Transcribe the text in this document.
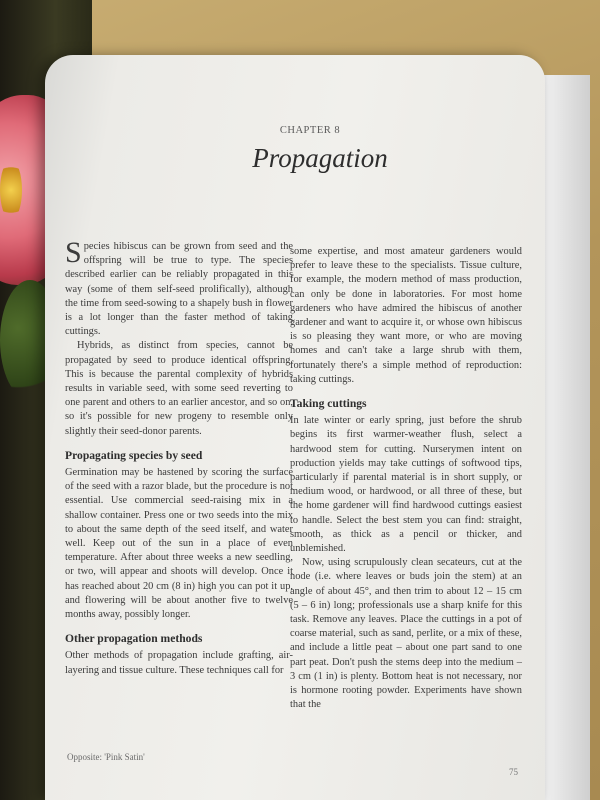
CHAPTER 8
Propagation

Species hibiscus can be grown from seed and the offspring will be true to type. The species described earlier can be reliably propagated in this way (some of them self-seed prolifically), although the time from seed-sowing to a shapely bush in flower is a lot longer than the faster method of taking cuttings.

Hybrids, as distinct from species, cannot be propagated by seed to produce identical offspring. This is because the parental complexity of hybrids results in variable seed, with some seed reverting to one parent and others to an earlier ancestor, and so on, so it's possible for new progeny to resemble only slightly their seed-donor parents.

Propagating species by seed

Germination may be hastened by scoring the surface of the seed with a razor blade, but the procedure is not essential. Use commercial seed-raising mix in a shallow container. Press one or two seeds into the mix to about the same depth of the seed itself, and water well. Keep out of the sun in a place of even temperature. After about three weeks a new seedling, or two, will appear and shoots will develop. Once it has reached about 20 cm (8 in) high you can pot it up, and flowering will be about another five to twelve months away, possibly longer.

Other propagation methods

Other methods of propagation include grafting, air-layering and tissue culture. These techniques call for

some expertise, and most amateur gardeners would prefer to leave these to the specialists. Tissue culture, for example, the modern method of mass production, can only be done in laboratories. For most home gardeners who have admired the hibiscus of another gardener and want to acquire it, or whose own hibiscus is so pleasing they want more, or who are moving homes and can't take a large shrub with them, fortunately there's a simple method of reproduction: taking cuttings.

Taking cuttings

In late winter or early spring, just before the shrub begins its first warmer-weather flush, select a hardwood stem for cutting. Nurserymen intent on production yields may take cuttings of softwood tips, particularly if parental material is in short supply, or medium wood, or hardwood, or all three of these, but the home gardener will find hardwood cuttings easiest to handle. Select the best stem you can find: straight, smooth, as thick as a pencil or thicker, and unblemished.

Now, using scrupulously clean secateurs, cut at the node (i.e. where leaves or buds join the stem) at an angle of about 45°, and then trim to about 12 – 15 cm (5 – 6 in) long; professionals use a sharp knife for this task. Remove any leaves. Place the cuttings in a pot of coarse material, such as sand, perlite, or a mix of these, and include a little peat – about one part sand to one part peat. Don't push the stems deep into the medium – 3 cm (1 in) is plenty. Bottom heat is not necessary, nor is hormone rooting powder. Experiments have shown that the

Opposite: 'Pink Satin'
75
